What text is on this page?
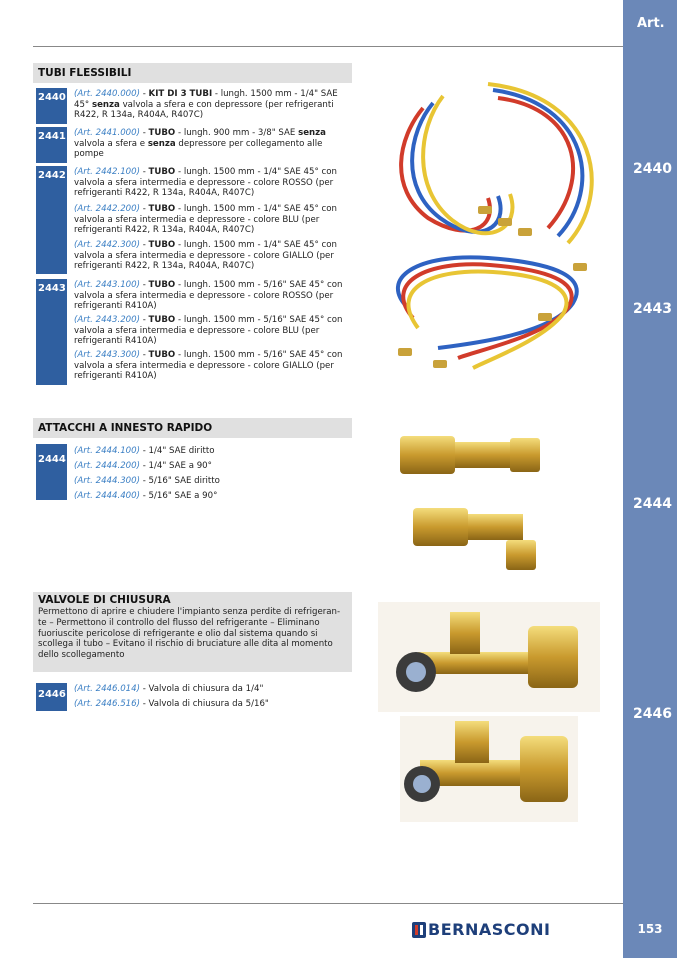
Art.
2440
2443
2444
2446
153
TUBI FLESSIBILI
2440 (Art. 2440.000) - KIT DI 3 TUBI - lungh. 1500 mm - 1/4" SAE 45° senza valvola a sfera e con depressore (per refrigeranti R422, R 134a, R404A, R407C)
2441 (Art. 2441.000) - TUBO - lungh. 900 mm - 3/8" SAE senza valvola a sfera e senza depressore per collegamento alle pompe
2442 (Art. 2442.100) - TUBO - lungh. 1500 mm - 1/4" SAE 45° con valvola a sfera intermedia e depressore - colore ROSSO (per refrigeranti R422, R 134a, R404A, R407C)
(Art. 2442.200) - TUBO - lungh. 1500 mm - 1/4" SAE 45° con valvola a sfera intermedia e depressore - colore BLU (per refrigeranti R422, R 134a, R404A, R407C)
(Art. 2442.300) - TUBO - lungh. 1500 mm - 1/4" SAE 45° con valvola a sfera intermedia e depressore - colore GIALLO (per refrigeranti R422, R 134a, R404A, R407C)
2443 (Art. 2443.100) - TUBO - lungh. 1500 mm - 5/16" SAE 45° con valvola a sfera intermedia e depressore - colore ROSSO (per refrigeranti R410A)
(Art. 2443.200) - TUBO - lungh. 1500 mm - 5/16" SAE 45° con valvola a sfera intermedia e depressore - colore BLU (per refrigeranti R410A)
(Art. 2443.300) - TUBO - lungh. 1500 mm - 5/16" SAE 45° con valvola a sfera intermedia e depressore - colore GIALLO (per refrigeranti R410A)
ATTACCHI A INNESTO RAPIDO
2444
(Art. 2444.100) - 1/4" SAE diritto
(Art. 2444.200) - 1/4" SAE a 90°
(Art. 2444.300) - 5/16" SAE diritto
(Art. 2444.400) - 5/16" SAE a 90°
VALVOLE DI CHIUSURA
Permettono di aprire e chiudere l'impianto senza perdite di refrigeran- te – Permettono il controllo del flusso del refrigerante – Eliminano fuoriuscite pericolose di refrigerante e olio dal sistema quando si scollega il tubo – Evitano il rischio di bruciature alle dita al momento dello scollegamento
2446 (Art. 2446.014) - Valvola di chiusura da 1/4"
(Art. 2446.516) - Valvola di chiusura da 5/16"
BERNASCONI
